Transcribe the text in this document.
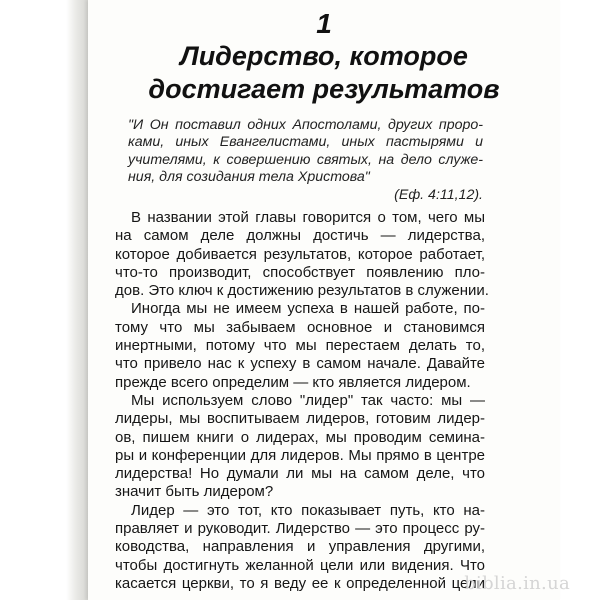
1
Лидерство, которое
достигает результатов
"И Он поставил одних Апостолами, других проро-
ками, иных Евангелистами, иных пастырями и
учителями, к совершению святых, на дело служе-
ния, для созидания тела Христова"
(Еф. 4:11,12).
В названии этой главы говорится о том, чего мы
на самом деле должны достичь — лидерства,
которое добивается результатов, которое работает,
что-то производит, способствует появлению пло-
дов. Это ключ к достижению результатов в служении.
Иногда мы не имеем успеха в нашей работе, по-
тому что мы забываем основное и становимся
инертными, потому что мы перестаем делать то,
что привело нас к успеху в самом начале. Давайте
прежде всего определим — кто является лидером.
Мы используем слово "лидер" так часто: мы —
лидеры, мы воспитываем лидеров, готовим лидер-
ов, пишем книги о лидерах, мы проводим семина-
ры и конференции для лидеров. Мы прямо в центре
лидерства! Но думали ли мы на самом деле, что
значит быть лидером?
Лидер — это тот, кто показывает путь, кто на-
правляет и руководит. Лидерство — это процесс ру-
ководства, направления и управления другими,
чтобы достигнуть желанной цели или видения. Что
касается церкви, то я веду ее к определенной цели
biblia.in.ua
